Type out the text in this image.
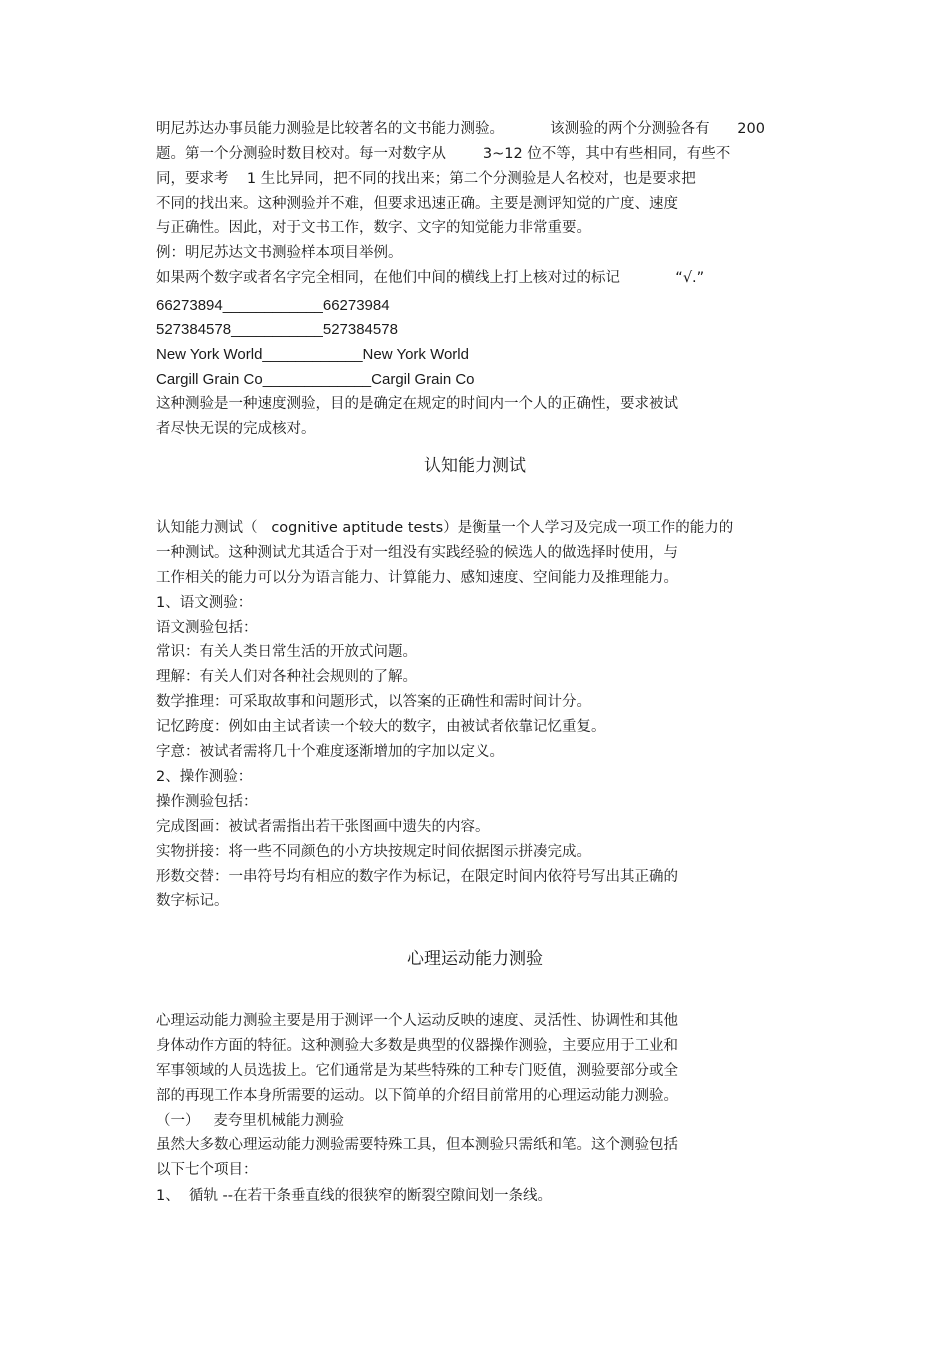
明尼苏达办事员能力测验是比较著名的文书能力测验。          该测验的两个分测验各有      200
题。第一个分测验时数目校对。每一对数字从        3~12 位不等，其中有些相同，有些不
同，要求考    1 生比异同，把不同的找出来；第二个分测验是人名校对，也是要求把
不同的找出来。这种测验并不难，但要求迅速正确。主要是测评知觉的广度、速度
与正确性。因此，对于文书工作，数字、文字的知觉能力非常重要。
例：明尼苏达文书测验样本项目举例。
如果两个数字或者名字完全相同，在他们中间的横线上打上核对过的标记            “√.”
66273894____________66273984
527384578___________527384578
New York World____________New York World
Cargill Grain Co_____________Cargil Grain Co
这种测验是一种速度测验，目的是确定在规定的时间内一个人的正确性，要求被试
者尽快无误的完成核对。
认知能力测试
认知能力测试（   cognitive aptitude tests）是衡量一个人学习及完成一项工作的能力的
一种测试。这种测试尤其适合于对一组没有实践经验的候选人的做选择时使用，与
工作相关的能力可以分为语言能力、计算能力、感知速度、空间能力及推理能力。
1、语文测验：
语文测验包括：
常识：有关人类日常生活的开放式问题。
理解：有关人们对各种社会规则的了解。
数学推理：可采取故事和问题形式，以答案的正确性和需时间计分。
记忆跨度：例如由主试者读一个较大的数字，由被试者依靠记忆重复。
字意：被试者需将几十个难度逐渐增加的字加以定义。
2、操作测验：
操作测验包括：
完成图画：被试者需指出若干张图画中遗失的内容。
实物拼接：将一些不同颜色的小方块按规定时间依据图示拼凑完成。
形数交替：一串符号均有相应的数字作为标记，在限定时间内依符号写出其正确的
数字标记。
心理运动能力测验
心理运动能力测验主要是用于测评一个人运动反映的速度、灵活性、协调性和其他
身体动作方面的特征。这种测验大多数是典型的仪器操作测验，主要应用于工业和
军事领域的人员选拔上。它们通常是为某些特殊的工种专门贬值，测验要部分或全
部的再现工作本身所需要的运动。以下简单的介绍目前常用的心理运动能力测验。
（一）   麦夸里机械能力测验
虽然大多数心理运动能力测验需要特殊工具，但本测验只需纸和笔。这个测验包括
以下七个项目：
1、  循轨 --在若干条垂直线的很狭窄的断裂空隙间划一条线。
